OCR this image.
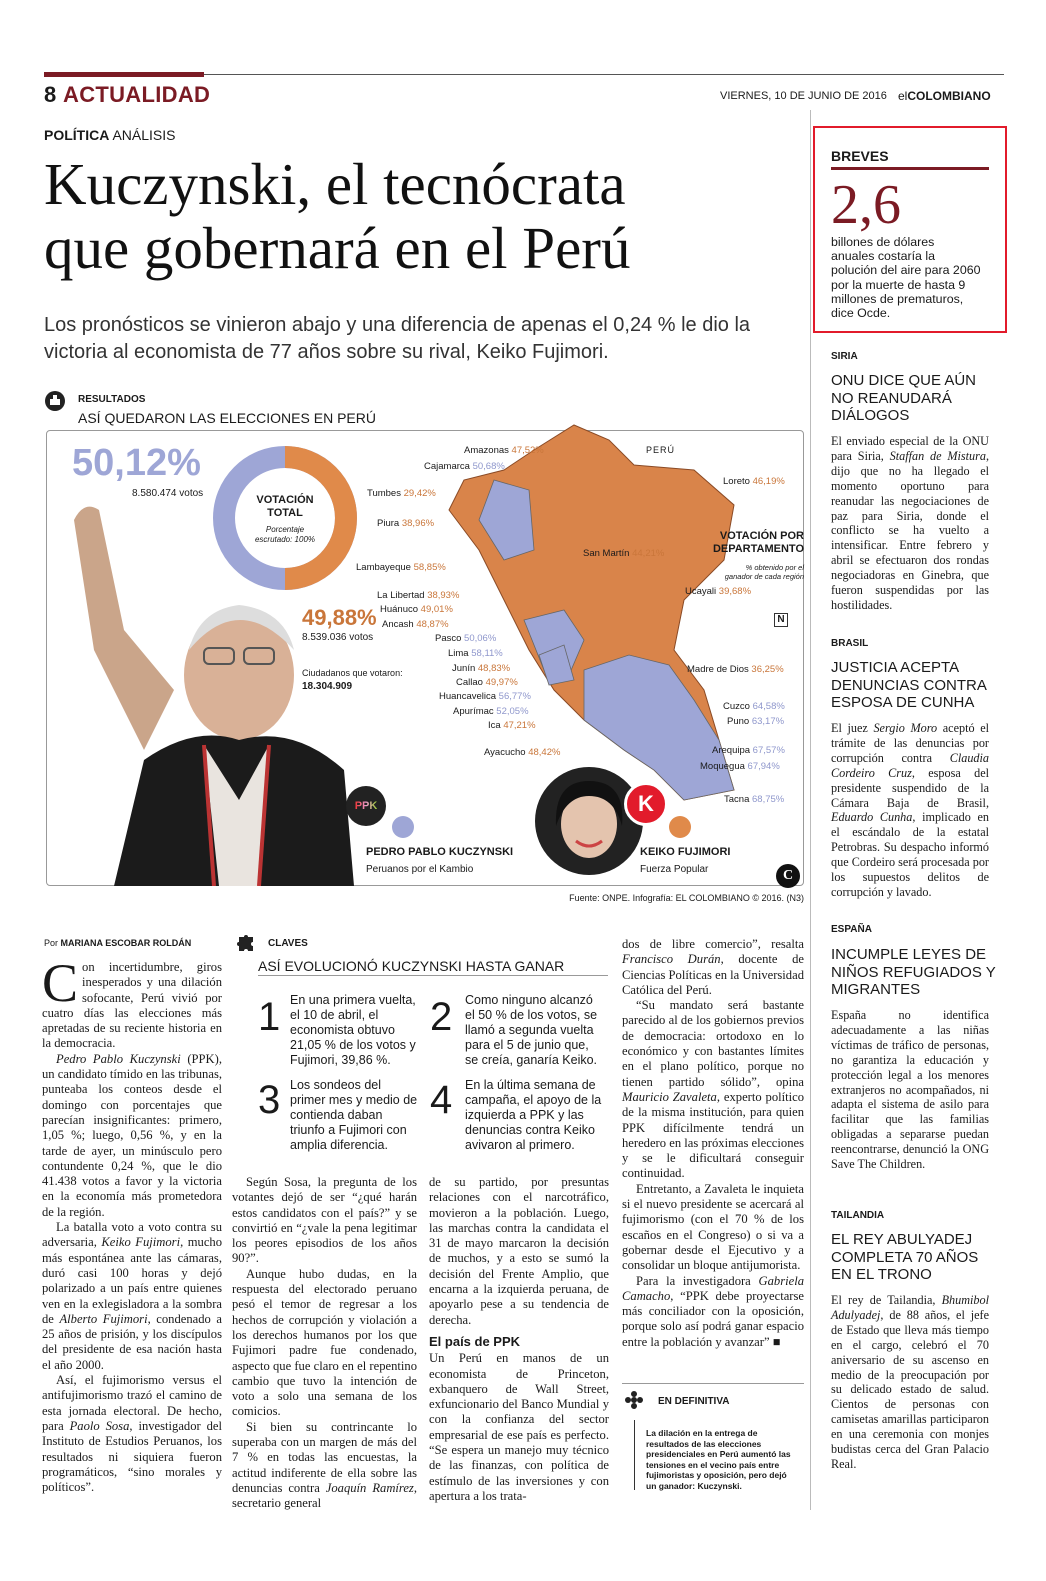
8 ACTUALIDAD	VIERNES, 10 DE JUNIO DE 2016 elCOLOMBIANO
POLÍTICA ANÁLISIS
Kuczynski, el tecnócrata
que gobernará en el Perú
Los pronósticos se vinieron abajo y una diferencia de apenas el 0,24 % le dio la victoria al economista de 77 años sobre su rival, Keiko Fujimori.
RESULTADOS
ASÍ QUEDARON LAS ELECCIONES EN PERÚ
50,12%
8.580.474 votos
VOTACIÓN
TOTAL
Porcentaje
escrutado: 100%
49,88%
8.539.036 votos
Ciudadanos que votaron:
18.304.909
PERÚ
VOTACIÓN POR
DEPARTAMENTO
% obtenido por el
ganador de cada región
N
Amazonas 47,52%
Cajamarca 50,68%
Tumbes 29,42%
Piura 38,96%
Lambayeque 58,85%
La Libertad 38,93%
Huánuco 49,01%
Ancash 48,87%
Pasco 50,06%
Lima 58,11%
Junín 48,83%
Callao 49,97%
Huancavelica 56,77%
Apurímac 52,05%
Ica 47,21%
Ayacucho 48,42%
Loreto 46,19%
San Martín 44,21%
Ucayali 39,68%
Madre de Dios 36,25%
Cuzco 64,58%
Puno 63,17%
Arequipa 67,57%
Moquegua 67,94%
Tacna 68,75%
PPK	K
PEDRO PABLO KUCZYNSKI
Peruanos por el Kambio
KEIKO FUJIMORI
Fuerza Popular	C
Fuente: ONPE. Infografía: EL COLOMBIANO © 2016. (N3)
Por MARIANA ESCOBAR ROLDÁN

Con incertidumbre, giros inesperados y una dilación sofocante, Perú vivió por cuatro días las elecciones más apretadas de su reciente historia en la democracia.

Pedro Pablo Kuczynski (PPK), un candidato tímido en las tribunas, punteaba los conteos desde el domingo con porcentajes que parecían insignificantes: primero, 1,05 %; luego, 0,56 %, y en la tarde de ayer, un minúsculo pero contundente 0,24 %, que le dio 41.438 votos a favor y la victoria en la economía más prometedora de la región.

La batalla voto a voto contra su adversaria, Keiko Fujimori, mucho más espontánea ante las cámaras, duró casi 100 horas y dejó polarizado a un país entre quienes ven en la exlegisladora a la sombra de Alberto Fujimori, condenado a 25 años de prisión, y los discípulos del presidente de esa nación hasta el año 2000.

Así, el fujimorismo versus el antifujimorismo trazó el camino de esta jornada electoral. De hecho, para Paolo Sosa, investigador del Instituto de Estudios Peruanos, los resultados ni siquiera fueron programáticos, “sino morales y políticos”.

CLAVES
ASÍ EVOLUCIONÓ KUCZYNSKI HASTA GANAR
1 En una primera vuelta, el 10 de abril, el economista obtuvo 21,05 % de los votos y Fujimori, 39,86 %.
2 Como ninguno alcanzó el 50 % de los votos, se llamó a segunda vuelta para el 5 de junio que, se creía, ganaría Keiko.
3 Los sondeos del primer mes y medio de contienda daban triunfo a Fujimori con amplia diferencia.
4 En la última semana de campaña, el apoyo de la izquierda a PPK y las denuncias contra Keiko avivaron al primero.

Según Sosa, la pregunta de los votantes dejó de ser “¿qué harán estos candidatos con el país?” y se convirtió en “¿vale la pena legitimar los peores episodios de los años 90?”.

Aunque hubo dudas, en la respuesta del electorado peruano pesó el temor de regresar a los hechos de corrupción y violación a los derechos humanos por los que Fujimori padre fue condenado, aspecto que fue claro en el repentino cambio que tuvo la intención de voto a solo una semana de los comicios.

Si bien su contrincante lo superaba con un margen de más del 7 % en todas las encuestas, la actitud indiferente de ella sobre las denuncias contra Joaquín Ramírez, secretario general

de su partido, por presuntas relaciones con el narcotráfico, movieron a la población. Luego, las marchas contra la candidata el 31 de mayo marcaron la decisión de muchos, y a esto se sumó la decisión del Frente Amplio, que encarna a la izquierda peruana, de apoyarlo pese a su tendencia de derecha.

El país de PPK

Un Perú en manos de un economista de Princeton, exbanquero de Wall Street, exfuncionario del Banco Mundial y con la confianza del sector empresarial de ese país es perfecto. “Se espera un manejo muy técnico de las finanzas, con política de estímulo de las inversiones y con apertura a los trata-

dos de libre comercio”, resalta Francisco Durán, docente de Ciencias Políticas en la Universidad Católica del Perú.

“Su mandato será bastante parecido al de los gobiernos previos de democracia: ortodoxo en lo económico y con bastantes límites en el plano político, porque no tienen partido sólido”, opina Mauricio Zavaleta, experto político de la misma institución, para quien PPK difícilmente tendrá un heredero en las próximas elecciones y se le dificultará conseguir continuidad.

Entretanto, a Zavaleta le inquieta si el nuevo presidente se acercará al fujimorismo (con el 70 % de los escaños en el Congreso) o si va a gobernar desde el Ejecutivo y a consolidar un bloque antijumorista.

Para la investigadora Gabriela Camacho, “PPK debe proyectarse más conciliador con la oposición, porque solo así podrá ganar espacio entre la población y avanzar” ■

EN DEFINITIVA
La dilación en la entrega de resultados de las elecciones presidenciales en Perú aumentó las tensiones en el vecino país entre fujimoristas y oposición, pero dejó un ganador: Kuczynski.
BREVES
2,6
billones de dólares anuales costaría la polución del aire para 2060 por la muerte de hasta 9 millones de prematuros, dice Ocde.
SIRIA
ONU DICE QUE AÚN NO REANUDARÁ DIÁLOGOS
El enviado especial de la ONU para Siria, Staffan de Mistura, dijo que no ha llegado el momento oportuno para reanudar las negociaciones de paz para Siria, donde el conflicto se ha vuelto a intensificar. Entre febrero y abril se efectuaron dos rondas negociadoras en Ginebra, que fueron suspendidas por las hostilidades.
BRASIL
JUSTICIA ACEPTA DENUNCIAS CONTRA ESPOSA DE CUNHA
El juez Sergio Moro aceptó el trámite de las denuncias por corrupción contra Claudia Cordeiro Cruz, esposa del presidente suspendido de la Cámara Baja de Brasil, Eduardo Cunha, implicado en el escándalo de la estatal Petrobras. Su despacho informó que Cordeiro será procesada por los supuestos delitos de corrupción y lavado.
ESPAÑA
INCUMPLE LEYES DE NIÑOS REFUGIADOS Y MIGRANTES
España no identifica adecuadamente a las niñas víctimas de tráfico de personas, no garantiza la educación y protección legal a los menores extranjeros no acompañados, ni adapta el sistema de asilo para facilitar que las familias obligadas a separarse puedan reencontrarse, denunció la ONG Save The Children.
TAILANDIA
EL REY ABULYADEJ COMPLETA 70 AÑOS EN EL TRONO
El rey de Tailandia, Bhumibol Adulyadej, de 88 años, el jefe de Estado que lleva más tiempo en el cargo, celebró el 70 aniversario de su ascenso en medio de la preocupación por su delicado estado de salud. Cientos de personas con camisetas amarillas participaron en una ceremonia con monjes budistas cerca del Gran Palacio Real.
